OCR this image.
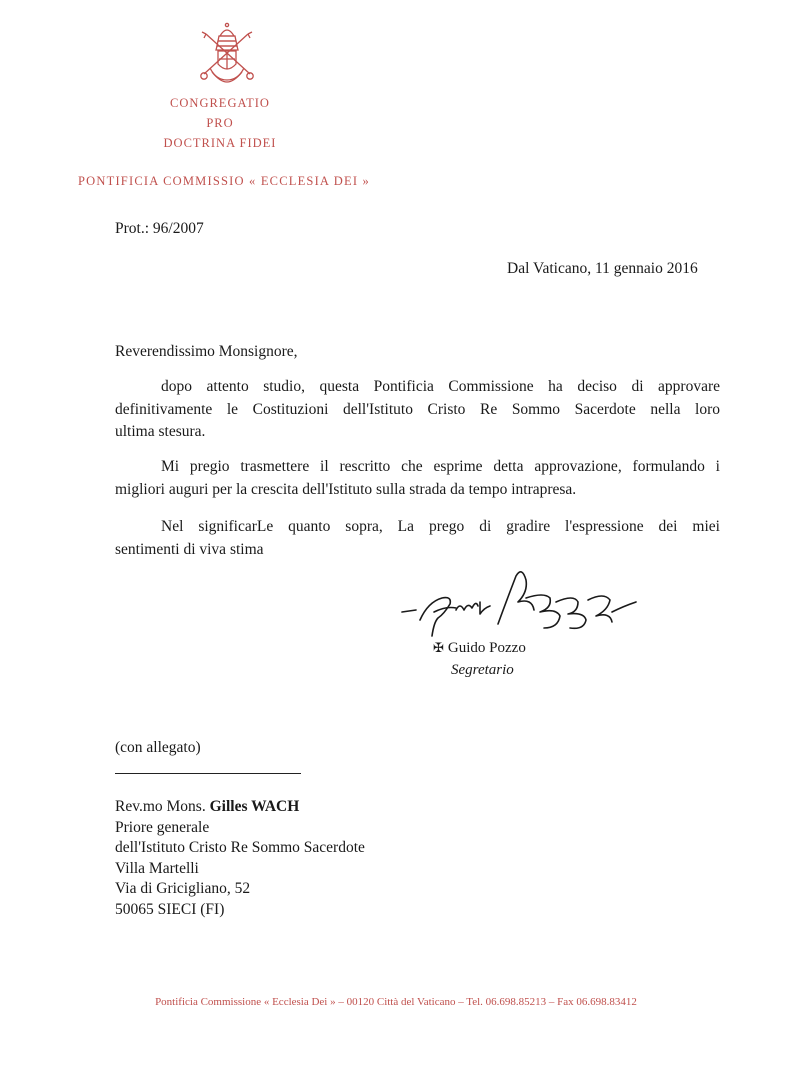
CONGREGATIO
PRO
DOCTRINA FIDEI
PONTIFICIA COMMISSIO « ECCLESIA DEI »
Prot.: 96/2007
Dal Vaticano, 11 gennaio 2016
Reverendissimo Monsignore,
dopo attento studio, questa Pontificia Commissione ha deciso di approvare
definitivamente le Costituzioni dell'Istituto Cristo Re Sommo Sacerdote nella loro
ultima stesura.
Mi pregio trasmettere il rescritto che esprime detta approvazione, formulando i
migliori auguri per la crescita dell'Istituto sulla strada da tempo intrapresa.
Nel significarLe quanto sopra, La prego di gradire l'espressione dei miei
sentimenti di viva stima
✠ Guido Pozzo
Segretario
(con allegato)
Rev.mo Mons. Gilles WACH
Priore generale
dell'Istituto Cristo Re Sommo Sacerdote
Villa Martelli
Via di Gricigliano, 52
50065 SIECI (FI)
Pontificia Commissione « Ecclesia Dei » – 00120 Città del Vaticano – Tel. 06.698.85213 – Fax 06.698.83412
